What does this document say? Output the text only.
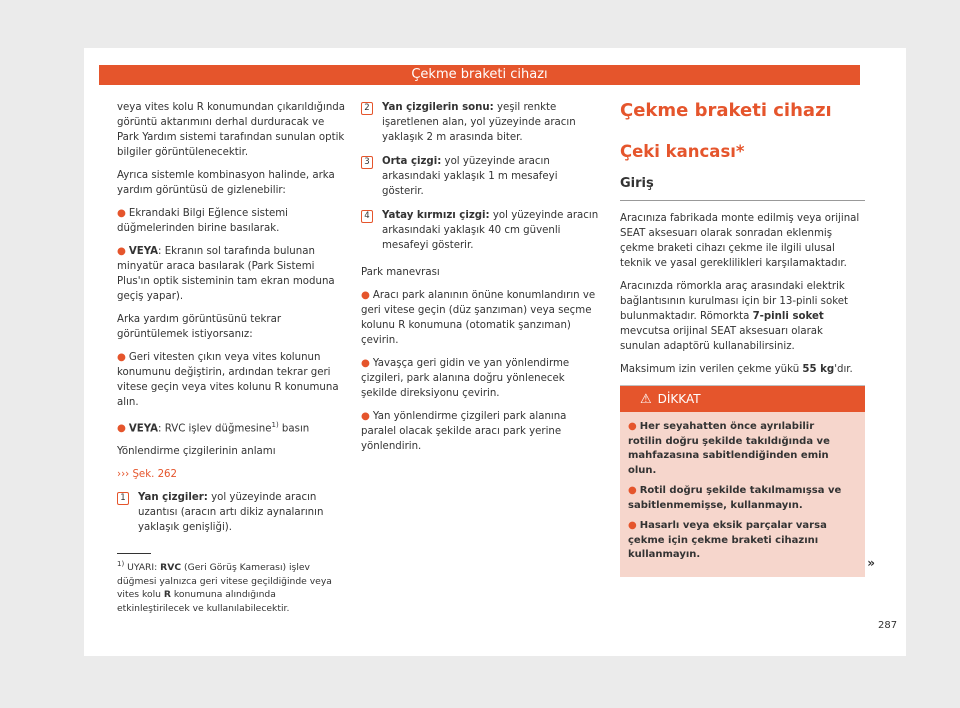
Çekme braketi cihazı

veya vites kolu R konumundan çıkarıldığında görüntü aktarımını derhal durduracak ve Park Yardım sistemi tarafından sunulan optik bilgiler görüntülenecektir.

Ayrıca sistemle kombinasyon halinde, arka yardım görüntüsü de gizlenebilir:

● Ekrandaki Bilgi Eğlence sistemi düğmelerinden birine basılarak.
● VEYA: Ekranın sol tarafında bulunan minyatür araca basılarak (Park Sistemi Plus'ın optik sisteminin tam ekran moduna geçiş yapar).

Arka yardım görüntüsünü tekrar görüntülemek istiyorsanız:

● Geri vitesten çıkın veya vites kolunun konumunu değiştirin, ardından tekrar geri vitese geçin veya vites kolunu R konumuna alın.
● VEYA: RVC işlev düğmesine$^{1)}$ basın

Yönlendirme çizgilerinin anlamı

››› Şek. 262

1	Yan çizgiler: yol yüzeyinde aracın uzantısı (aracın artı dikiz aynalarının yaklaşık genişliği).
2	Yan çizgilerin sonu: yeşil renkte işaretlenen alan, yol yüzeyinde aracın yaklaşık 2 m arasında biter.
3	Orta çizgi: yol yüzeyinde aracın arkasındaki yaklaşık 1 m mesafeyi gösterir.
4	Yatay kırmızı çizgi: yol yüzeyinde aracın arkasındaki yaklaşık 40 cm güvenli mesafeyi gösterir.

Park manevrası

● Aracı park alanının önüne konumlandırın ve geri vitese geçin (düz şanzıman) veya seçme kolunu R konumuna (otomatik şanzıman) çevirin.
● Yavaşça geri gidin ve yan yönlendirme çizgileri, park alanına doğru yönlenecek şekilde direksiyonu çevirin.
● Yan yönlendirme çizgileri park alanına paralel olacak şekilde aracı park yerine yönlendirin.
Çekme braketi cihazı
Çeki kancası*
Giriş

Aracınıza fabrikada monte edilmiş veya orijinal SEAT aksesuarı olarak sonradan eklenmiş çekme braketi cihazı çekme ile ilgili ulusal teknik ve yasal gereklilikleri karşılamaktadır.

Aracınızda römorkla araç arasındaki elektrik bağlantısının kurulması için bir 13-pinli soket bulunmaktadır. Römorkta 7-pinli soket mevcutsa orijinal SEAT aksesuarı olarak sunulan adaptörü kullanabilirsiniz.

Maksimum izin verilen çekme yükü 55 kg'dır.

⚠ DİKKAT
● Her seyahatten önce ayrılabilir rotilin doğru şekilde takıldığında ve mahfazasına sabitlendiğinden emin olun.
● Rotil doğru şekilde takılmamışsa ve sabitlenmemişse, kullanmayın.
● Hasarlı veya eksik parçalar varsa çekme için çekme braketi cihazını kullanmayın.
»
$^{1)}$ UYARI: RVC (Geri Görüş Kamerası) işlev düğmesi yalnızca geri vitese geçildiğinde veya vites kolu R konumuna alındığında etkinleştirilecek ve kullanılabilecektir.
287
